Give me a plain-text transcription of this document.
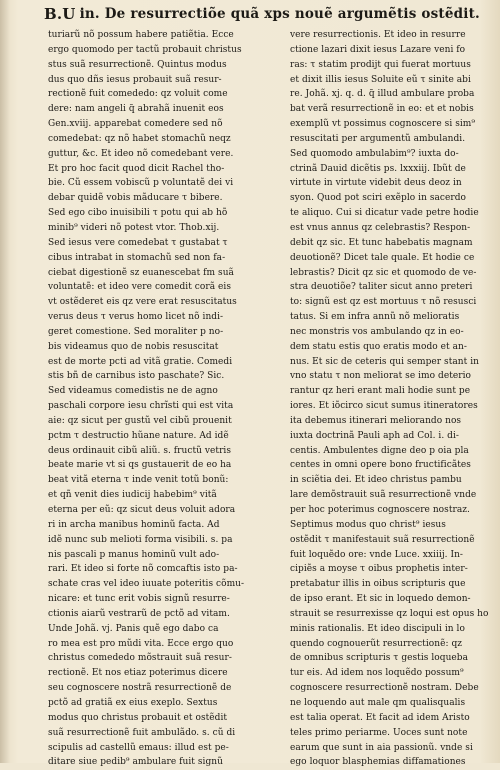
B.U in. De resurrectiõe quã xps nouẽ argumẽtis ostẽdit.
turiarũ nõ possum habere patiẽtia. Ecce
ergo quomodo per tactũ probauit christus
stus suã resurrectionẽ. Quintus modus
dus quo dñs iesus probauit suã resur-
rectionẽ fuit comededo: qz voluit come
dere: nam angeli q̃ abrahã inuenit eos
Gen.xviij. apparebat comedere sed nõ
comedebat: qz nõ habet stomachũ neqz
guttur, &c. Et ideo nõ comedebant vere.
Et pro hoc facit quod dicit Rachel tho-
bie. Cũ essem vobiscũ p voluntatẽ dei vi
debar quidẽ vobis mãducare τ bibere.
Sed ego cibo inuisibili τ potu qui ab hõ
minib⁹ videri nõ potest vtor. Thob.xij.
Sed iesus vere comedebat τ gustabat τ
cibus intrabat in stomachũ sed non fa-
ciebat digestionẽ sz euanescebat fm suã
voluntatẽ: et ideo vere comedit corã eis
vt ostẽderet eis qz vere erat resuscitatus
verus deus τ verus homo licet nõ indi-
geret comestione. Sed moraliter p no-
bis videamus quo de nobis resuscitat
est de morte pcti ad vitã gratie. Comedi
stis bñ de carnibus isto paschate? Sic.
Sed videamus comedistis ne de agno
paschali corpore iesu chrĩsti qui est vita
aie: qz sicut per gustũ vel cibũ prouenit
pctm τ destructio hũane nature. Ad idẽ
deus ordinauit cibũ aliũ. s. fructũ vetris
beate marie vt si qs gustauerit de eo ha
beat vitã eterna τ inde venit totũ bonũ:
et qñ venit dies iudicij habebim⁹ vitã
eterna per eũ: qz sicut deus voluit adora
ri in archa manibus hominũ facta. Ad
idẽ nunc sub melioti forma visibili. s. pa
nis pascali p manus hominũ vult ado-
rari. Et ideo si forte nõ comcaftis isto pa-
schate cras vel ideo iuuate poteritis cõmu-
nicare: et tunc erit vobis signũ resurre-
ctionis aiarũ vestrarũ de pctõ ad vitam.
Unde Johã. vj. Panis quẽ ego dabo ca
ro mea est pro mũdi vita. Ecce ergo quo
christus comededo mõstrauit suã resur-
rectionẽ. Et nos etiaz poterimus dicere
seu cognoscere nostrã resurrectionẽ de
pctõ ad gratiã ex eius exeplo. Sextus
modus quo christus probauit et ostẽdit
suã resurrectionẽ fuit ambulãdo. s. cũ di
scipulis ad castellũ emaus: illud est pe-
ditare siue pedib⁹ ambulare fuit signũ
vere resurrectionis. Et ideo in resurre
ctione lazari dixit iesus Lazare veni fo
ras: τ statim prodijt qui fuerat mortuus
et dixit illis iesus Soluite eũ τ sinite abi
re. Johã. xj. q. d. q̃ illud ambulare proba
bat verã resurrectionẽ in eo: et et nobis
exemplũ vt possimus cognoscere si sim⁹
resuscitati per argumentũ ambulandi.
Sed quomodo ambulabim⁹? iuxta do-
ctrinã Dauid dicẽtis ps. lxxxiij. Ibũt de
virtute in virtute videbit deus deoz in
syon. Quod pot sciri exẽplo in sacerdo
te aliquo. Cui si dicatur vade petre hodie
est vnus annus qz celebrastis? Respon-
debit qz sic. Et tunc habebatis magnam
deuotionẽ? Dicet tale quale. Et hodie ce
lebrastis? Dicit qz sic et quomodo de ve-
stra deuotiõe? taliter sicut anno preteri
to: signũ est qz est mortuus τ nõ resusci
tatus. Si em infra annũ nõ melioratis
nec monstris vos ambulando qz in eo-
dem statu estis quo eratis modo et an-
nus. Et sic de ceteris qui semper stant in
vno statu τ non meliorat se imo deterio
rantur qz heri erant mali hodie sunt pe
iores. Et iõcirco sicut sumus itineratores
ita debemus itinerari meliorando nos
iuxta doctrinã Pauli aph ad Col. i. di-
centis. Ambulentes digne deo p oia pla
centes in omni opere bono fructificãtes
in sciẽtia dei. Et ideo christus pambu
lare demõstrauit suã resurrectionẽ vnde
per hoc poterimus cognoscere nostraz.
Septimus modus quo christ⁹ iesus
ostẽdit τ manifestauit suã resurrectionẽ
fuit loquẽdo ore: vnde Luce. xxiiij. In-
cipiẽs a moyse τ oibus prophetis inter-
pretabatur illis in oibus scripturis que
de ipso erant. Et sic in loquedo demon-
strauit se resurrexisse qz loqui est opus ho
minis rationalis. Et ideo discipuli in lo
quendo cognouerũt resurrectionẽ: qz
de omnibus scripturis τ gestis loqueba
tur eis. Ad idem nos loquẽdo possum⁹
cognoscere resurrectionẽ nostram. Debe
ne loquendo aut male qm qualisqualis
est talia operat. Et facit ad idem Aristo
teles primo periarme. Uoces sunt note
earum que sunt in aia passionũ. vnde si
ego loquor blasphemias diffamationes
